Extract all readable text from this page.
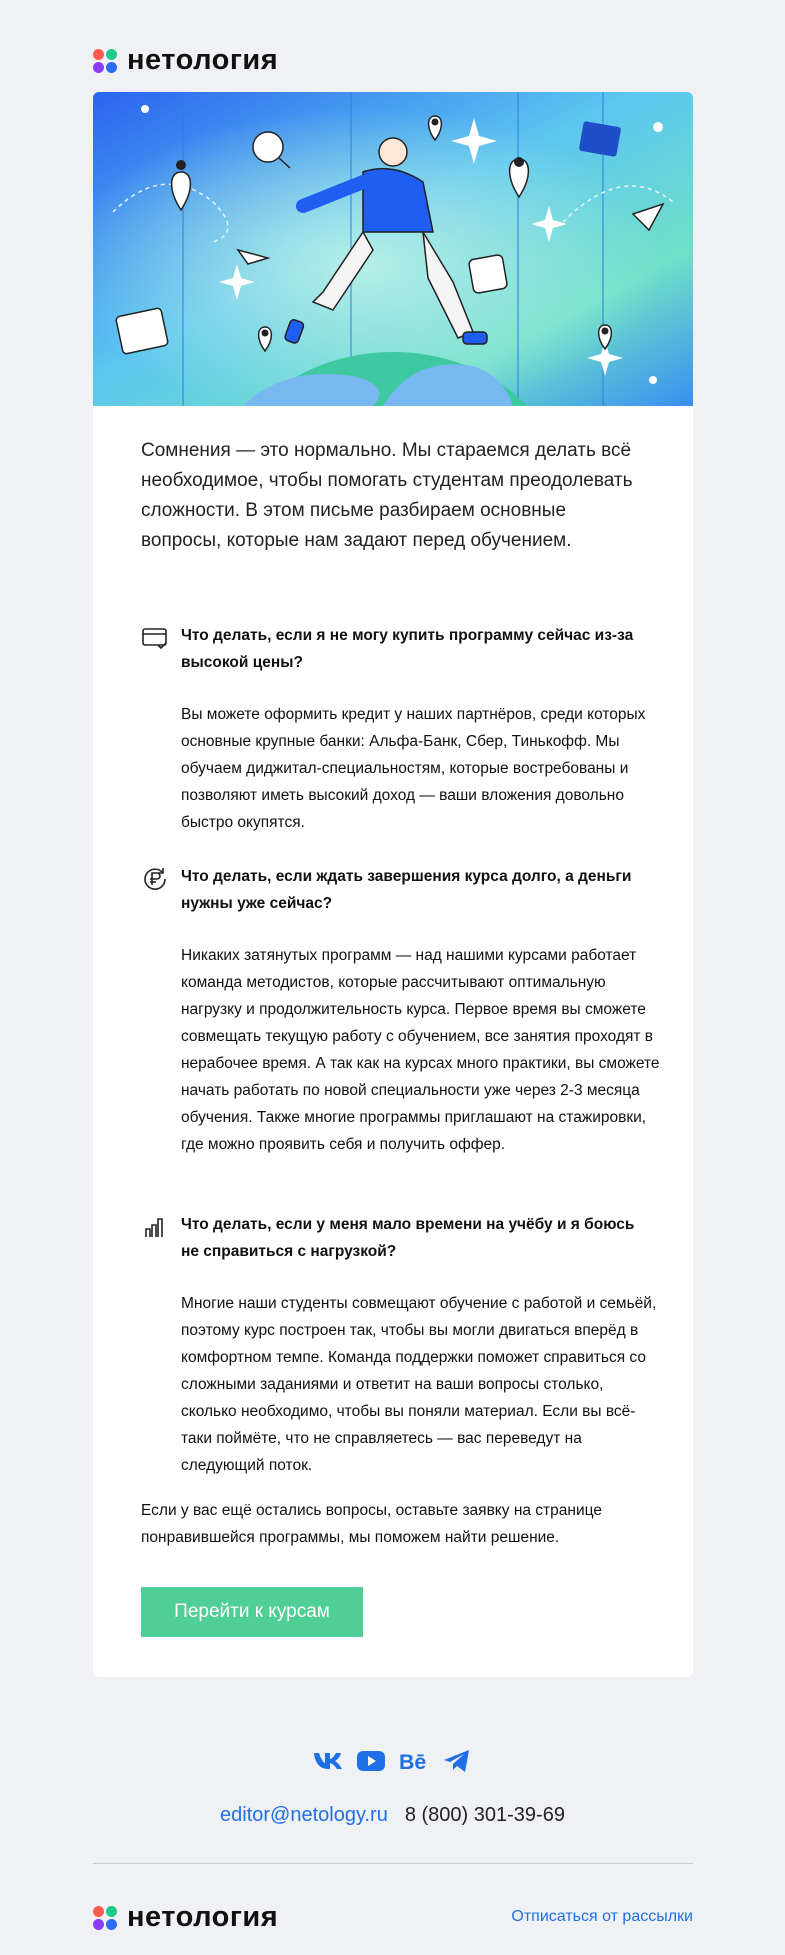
нетология

Сомнения — это нормально. Мы стараемся делать всё необходимое, чтобы помогать студентам преодолевать сложности. В этом письме разбираем основные вопросы, которые нам задают перед обучением.

Что делать, если я не могу купить программу сейчас из-за высокой цены?
Вы можете оформить кредит у наших партнёров, среди которых основные крупные банки: Альфа-Банк, Сбер, Тинькофф. Мы обучаем диджитал-специальностям, которые востребованы и позволяют иметь высокий доход — ваши вложения довольно быстро окупятся.
Что делать, если ждать завершения курса долго, а деньги нужны уже сейчас?
Никаких затянутых программ — над нашими курсами работает команда методистов, которые рассчитывают оптимальную нагрузку и продолжительность курса. Первое время вы сможете совмещать текущую работу с обучением, все занятия проходят в нерабочее время. А так как на курсах много практики, вы сможете начать работать по новой специальности уже через 2-3 месяца обучения. Также многие программы приглашают на стажировки, где можно проявить себя и получить оффер.
Что делать, если у меня мало времени на учёбу и я боюсь не справиться с нагрузкой?
Многие наши студенты совмещают обучение с работой и семьёй, поэтому курс построен так, чтобы вы могли двигаться вперёд в комфортном темпе. Команда поддержки поможет справиться со сложными заданиями и ответит на ваши вопросы столько, сколько необходимо, чтобы вы поняли материал. Если вы всё-таки поймёте, что не справляетесь — вас переведут на следующий поток.

Если у вас ещё остались вопросы, оставьте заявку на странице понравившейся программы, мы поможем найти решение.

Перейти к курсам
Bē
editor@netology.ru 8 (800) 301-39-69
нетология	Отписаться от рассылки
